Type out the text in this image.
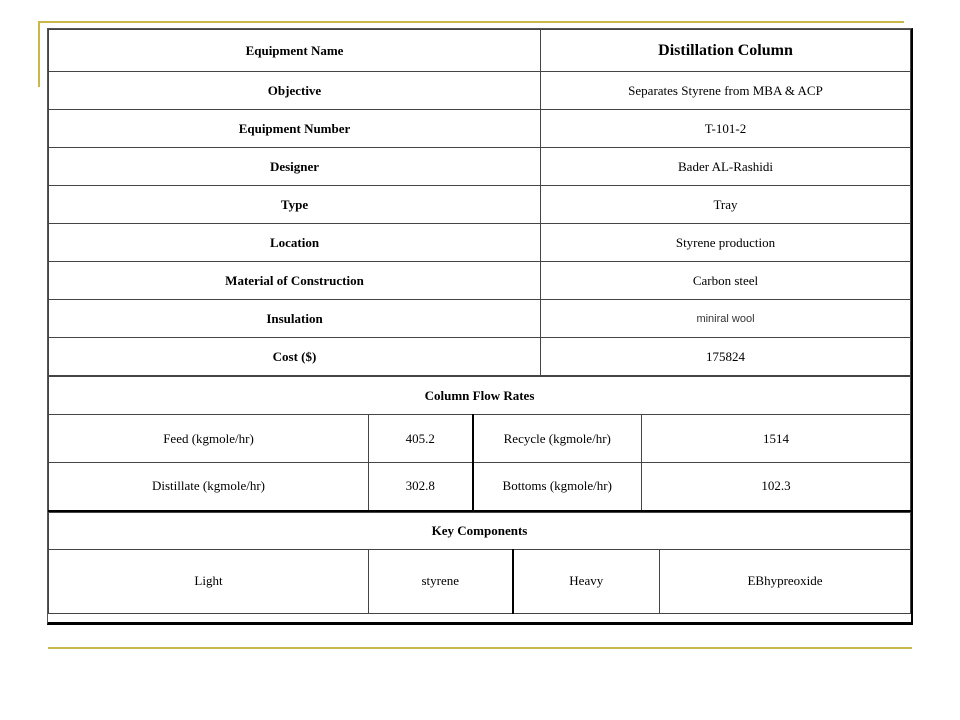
Equipment Name	Distillation Column
Objective	Separates Styrene from MBA & ACP
Equipment Number	T-101-2
Designer	Bader AL-Rashidi
Type	Tray
Location	Styrene production
Material of Construction	Carbon steel
Insulation	miniral wool
Cost ($)	175824
Column Flow Rates			
Feed (kgmole/hr)	405.2	Recycle (kgmole/hr)	1514
Distillate (kgmole/hr)	302.8	Bottoms (kgmole/hr)	102.3
Key Components
Light	styrene	Heavy	EBhypreoxide
